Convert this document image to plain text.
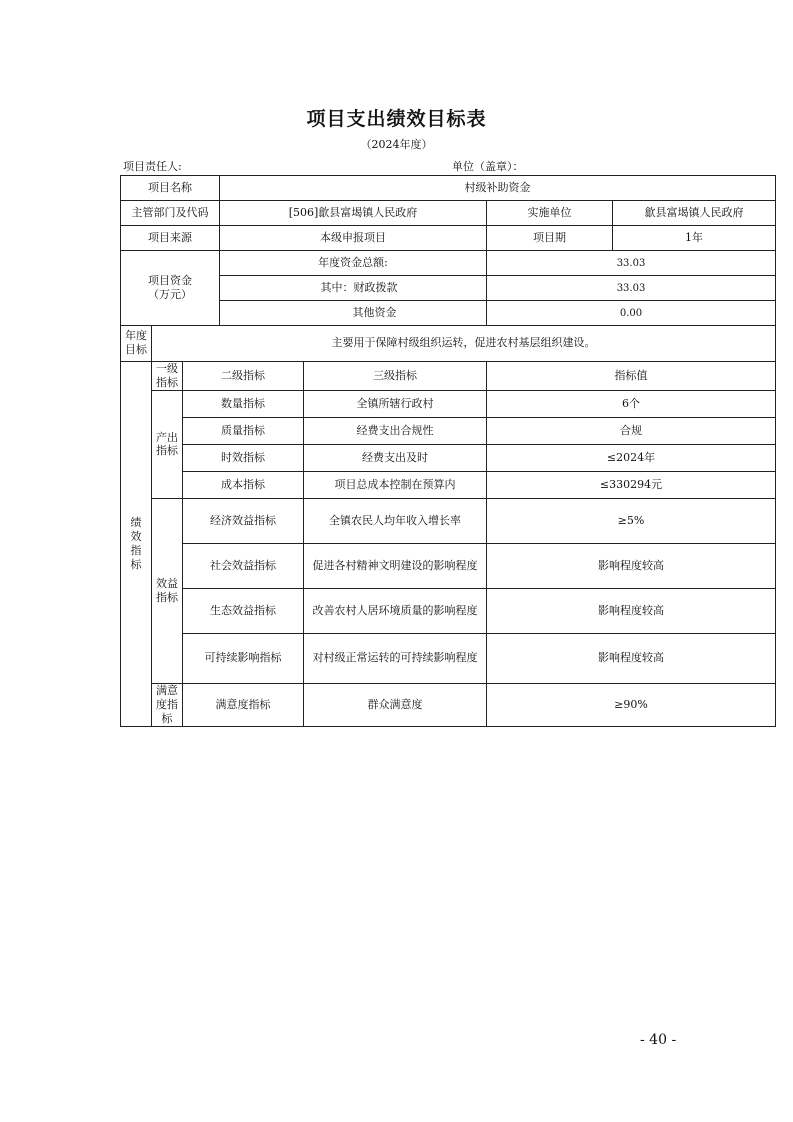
项目支出绩效目标表
（2024年度）
项目责任人:	单位（盖章）：
项目名称			村级补助资金			
主管部门及代码			[506]歙县富堨镇人民政府		实施单位	歙县富堨镇人民政府
项目来源			本级申报项目		项目期	1年

项目资金
（万元）			年度资金总额:		33.03	
			其中：财政拨款		33.03	
			其他资金		0.00	
年度目标	主要用于保障村级组织运转，促进农村基层组织建设。					
绩效指标	一级指标	二级指标		三级指标	指标值	
	产出指标	数量指标		全镇所辖行政村	6个	
		质量指标		经费支出合规性	合规	
		时效指标		经费支出及时	≤2024年	
		成本指标		项目总成本控制在预算内	≤330294元	
	效益指标	经济效益指标		全镇农民人均年收入增长率	≥5%	
		社会效益指标		促进各村精神文明建设的影响程度	影响程度较高	
		生态效益指标		改善农村人居环境质量的影响程度	影响程度较高	
		可持续影响指标		对村级正常运转的可持续影响程度	影响程度较高	
	满意度指标	满意度指标		群众满意度	≥90%	
- 40 -
